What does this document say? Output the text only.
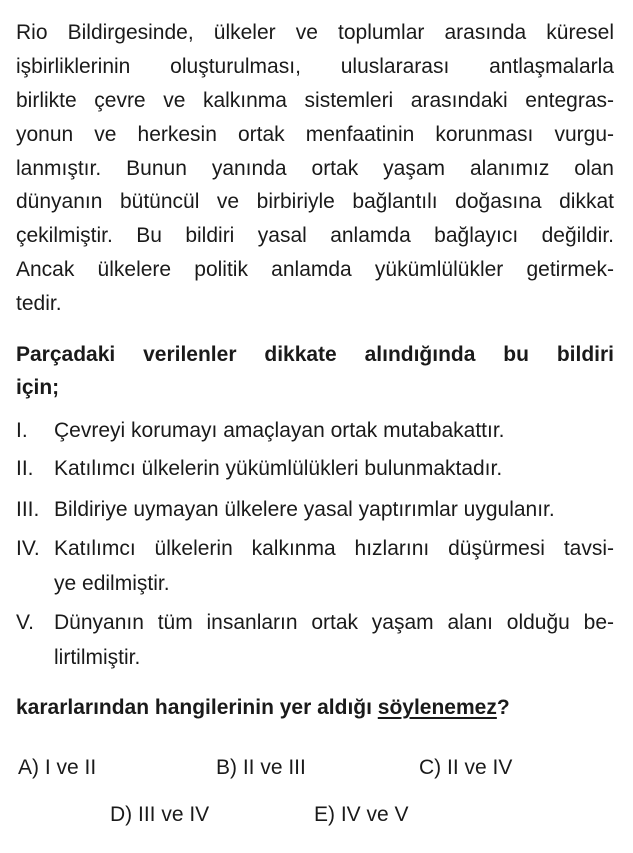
Rio Bildirgesinde, ülkeler ve toplumlar arasında küresel
işbirliklerinin oluşturulması, uluslararası antlaşmalarla
birlikte çevre ve kalkınma sistemleri arasındaki entegras-
yonun ve herkesin ortak menfaatinin korunması vurgu-
lanmıştır. Bunun yanında ortak yaşam alanımız olan
dünyanın bütüncül ve birbiriyle bağlantılı doğasına dikkat
çekilmiştir. Bu bildiri yasal anlamda bağlayıcı değildir.
Ancak ülkelere politik anlamda yükümlülükler getirmek-
tedir.
Parçadaki verilenler dikkate alındığında bu bildiri
için;
I. Çevreyi korumayı amaçlayan ortak mutabakattır.
II. Katılımcı ülkelerin yükümlülükleri bulunmaktadır.
III. Bildiriye uymayan ülkelere yasal yaptırımlar uygulanır.
IV. Katılımcı ülkelerin kalkınma hızlarını düşürmesi tavsi-
ye edilmiştir.
V. Dünyanın tüm insanların ortak yaşam alanı olduğu be-
lirtilmiştir.
kararlarından hangilerinin yer aldığı söylenemez?
A) I ve II	B) II ve III	C) II ve IV
D) III ve IV	E) IV ve V
